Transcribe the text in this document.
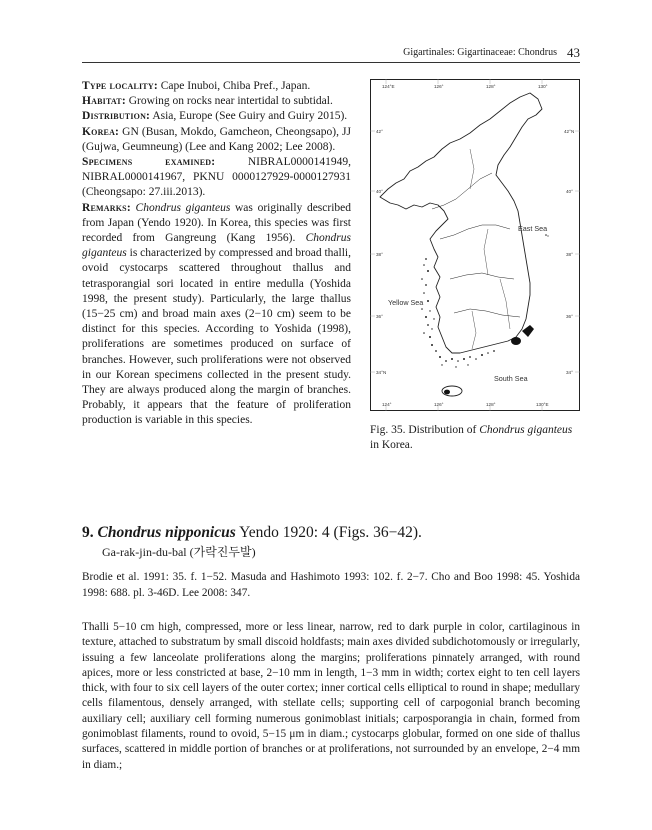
Gigartinales: Gigartinaceae: Chondrus 43

Type locality: Cape Inuboi, Chiba Pref., Japan.

Habitat: Growing on rocks near intertidal to subtidal.

Distribution: Asia, Europe (See Guiry and Guiry 2015).

Korea: GN (Busan, Mokdo, Gamcheon, Cheongsapo), JJ (Gujwa, Geumneung) (Lee and Kang 2002; Lee 2008).

Specimens examined: NIBRAL0000141949, NIBRAL0000141967, PKNU 0000127929-0000127931 (Cheongsapo: 27.iii.2013).

Remarks: Chondrus giganteus was originally described from Japan (Yendo 1920). In Korea, this species was first recorded from Gangreung (Kang 1956). Chondrus giganteus is characterized by compressed and broad thalli, ovoid cystocarps scattered throughout thallus and tetrasporangial sori located in entire medulla (Yoshida 1998, the present study). Particularly, the large thallus (15−25 cm) and broad main axes (2−10 cm) seem to be distinct for this species. According to Yoshida (1998), proliferations are sometimes produced on surface of branches. However, such proliferations were not observed in our Korean specimens collected in the present study. They are always produced along the margin of branches. Probably, it appears that the feature of proliferation production is variable in this species.

124°E	126°	128°	130°
124°	126°	128°	130°E
42°
40°
38°
36°
34°N
42°N
40°
38°
36°
34°
East Sea
Yellow Sea
South Sea
Fig. 35. Distribution of Chondrus giganteus in Korea.
9. Chondrus nipponicus Yendo 1920: 4 (Figs. 36−42).
Ga-rak-jin-du-bal (가락진두발)
Brodie et al. 1991: 35. f. 1−52. Masuda and Hashimoto 1993: 102. f. 2−7. Cho and Boo 1998: 45. Yoshida 1998: 688. pl. 3-46D. Lee 2008: 347.
Thalli 5−10 cm high, compressed, more or less linear, narrow, red to dark purple in color, cartilaginous in texture, attached to substratum by small discoid holdfasts; main axes divided subdichotomously or irregularly, issuing a few lanceolate proliferations along the margins; proliferations pinnately arranged, with round apices, more or less constricted at base, 2−10 mm in length, 1−3 mm in width; cortex eight to ten cell layers thick, with four to six cell layers of the outer cortex; inner cortical cells elliptical to round in shape; medullary cells filamentous, densely arranged, with stellate cells; supporting cell of carpogonial branch becoming auxiliary cell; auxiliary cell forming numerous gonimoblast initials; carposporangia in chain, formed from gonimoblast filaments, round to ovoid, 5−15 μm in diam.; cystocarps globular, formed on one side of thallus surfaces, scattered in middle portion of branches or at proliferations, not surrounded by an envelope, 2−4 mm in diam.;
